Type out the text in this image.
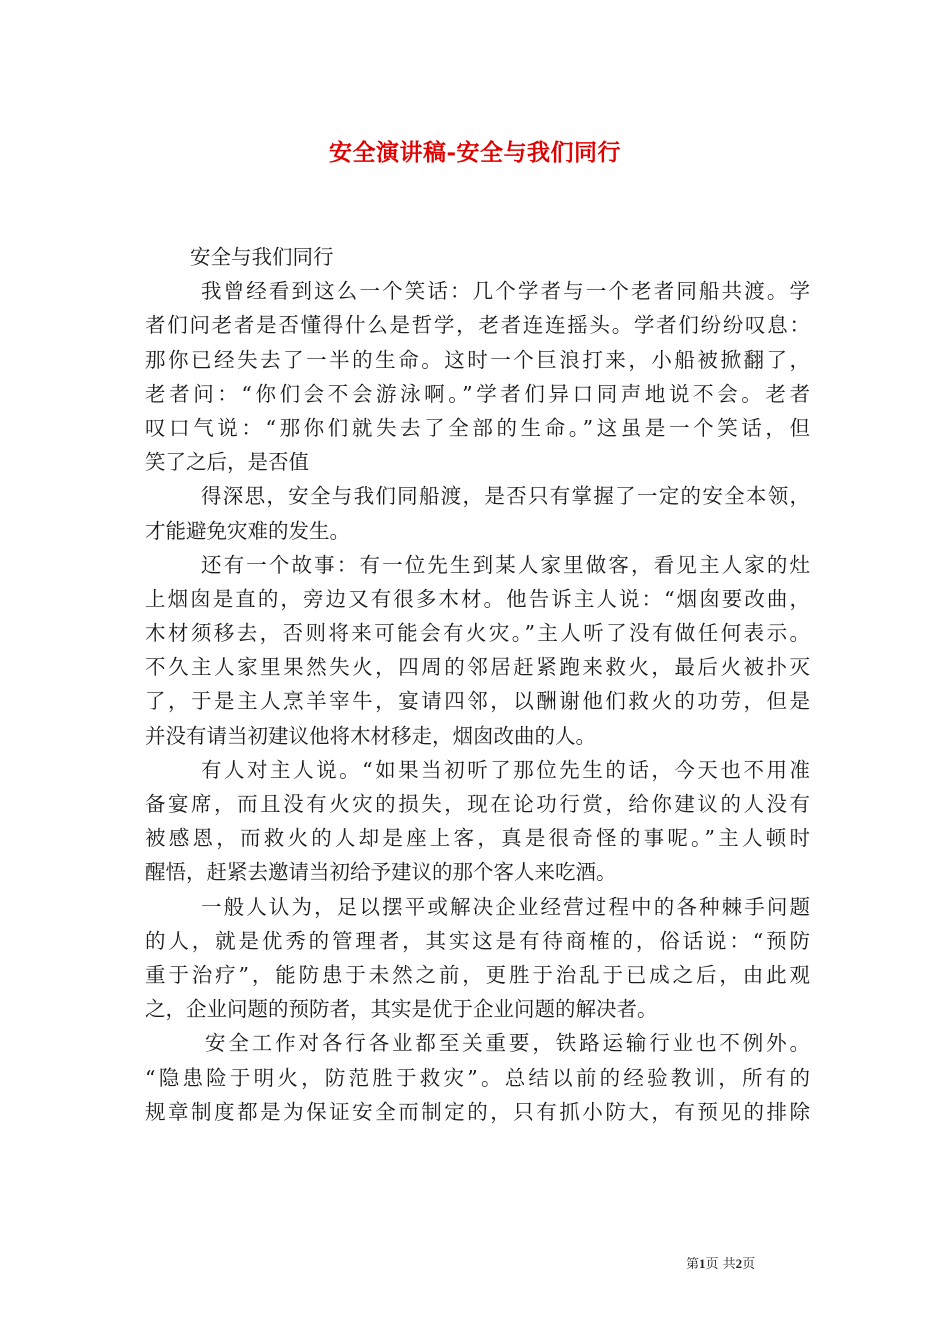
安全演讲稿-安全与我们同行
安全与我们同行
我曾经看到这么一个笑话：几个学者与一个老者同船共渡。学
者们问老者是否懂得什么是哲学，老者连连摇头。学者们纷纷叹息：
那你已经失去了一半的生命。这时一个巨浪打来，小船被掀翻了，
老者问：“你们会不会游泳啊。”学者们异口同声地说不会。老者
叹口气说：“那你们就失去了全部的生命。”这虽是一个笑话，但
笑了之后，是否值
得深思，安全与我们同船渡，是否只有掌握了一定的安全本领，
才能避免灾难的发生。
还有一个故事：有一位先生到某人家里做客，看见主人家的灶
上烟囱是直的，旁边又有很多木材。他告诉主人说：“烟囱要改曲，
木材须移去，否则将来可能会有火灾。”主人听了没有做任何表示。
不久主人家里果然失火，四周的邻居赶紧跑来救火，最后火被扑灭
了，于是主人烹羊宰牛，宴请四邻，以酬谢他们救火的功劳，但是
并没有请当初建议他将木材移走，烟囱改曲的人。
有人对主人说。“如果当初听了那位先生的话，今天也不用准
备宴席，而且没有火灾的损失，现在论功行赏，给你建议的人没有
被感恩，而救火的人却是座上客，真是很奇怪的事呢。”主人顿时
醒悟，赶紧去邀请当初给予建议的那个客人来吃酒。
一般人认为，足以摆平或解决企业经营过程中的各种棘手问题
的人，就是优秀的管理者，其实这是有待商榷的，俗话说：“预防
重于治疗”，能防患于未然之前，更胜于治乱于已成之后，由此观
之，企业问题的预防者，其实是优于企业问题的解决者。
安全工作对各行各业都至关重要，铁路运输行业也不例外。
“隐患险于明火，防范胜于救灾”。总结以前的经验教训，所有的
规章制度都是为保证安全而制定的，只有抓小防大，有预见的排除
第1页 共2页
